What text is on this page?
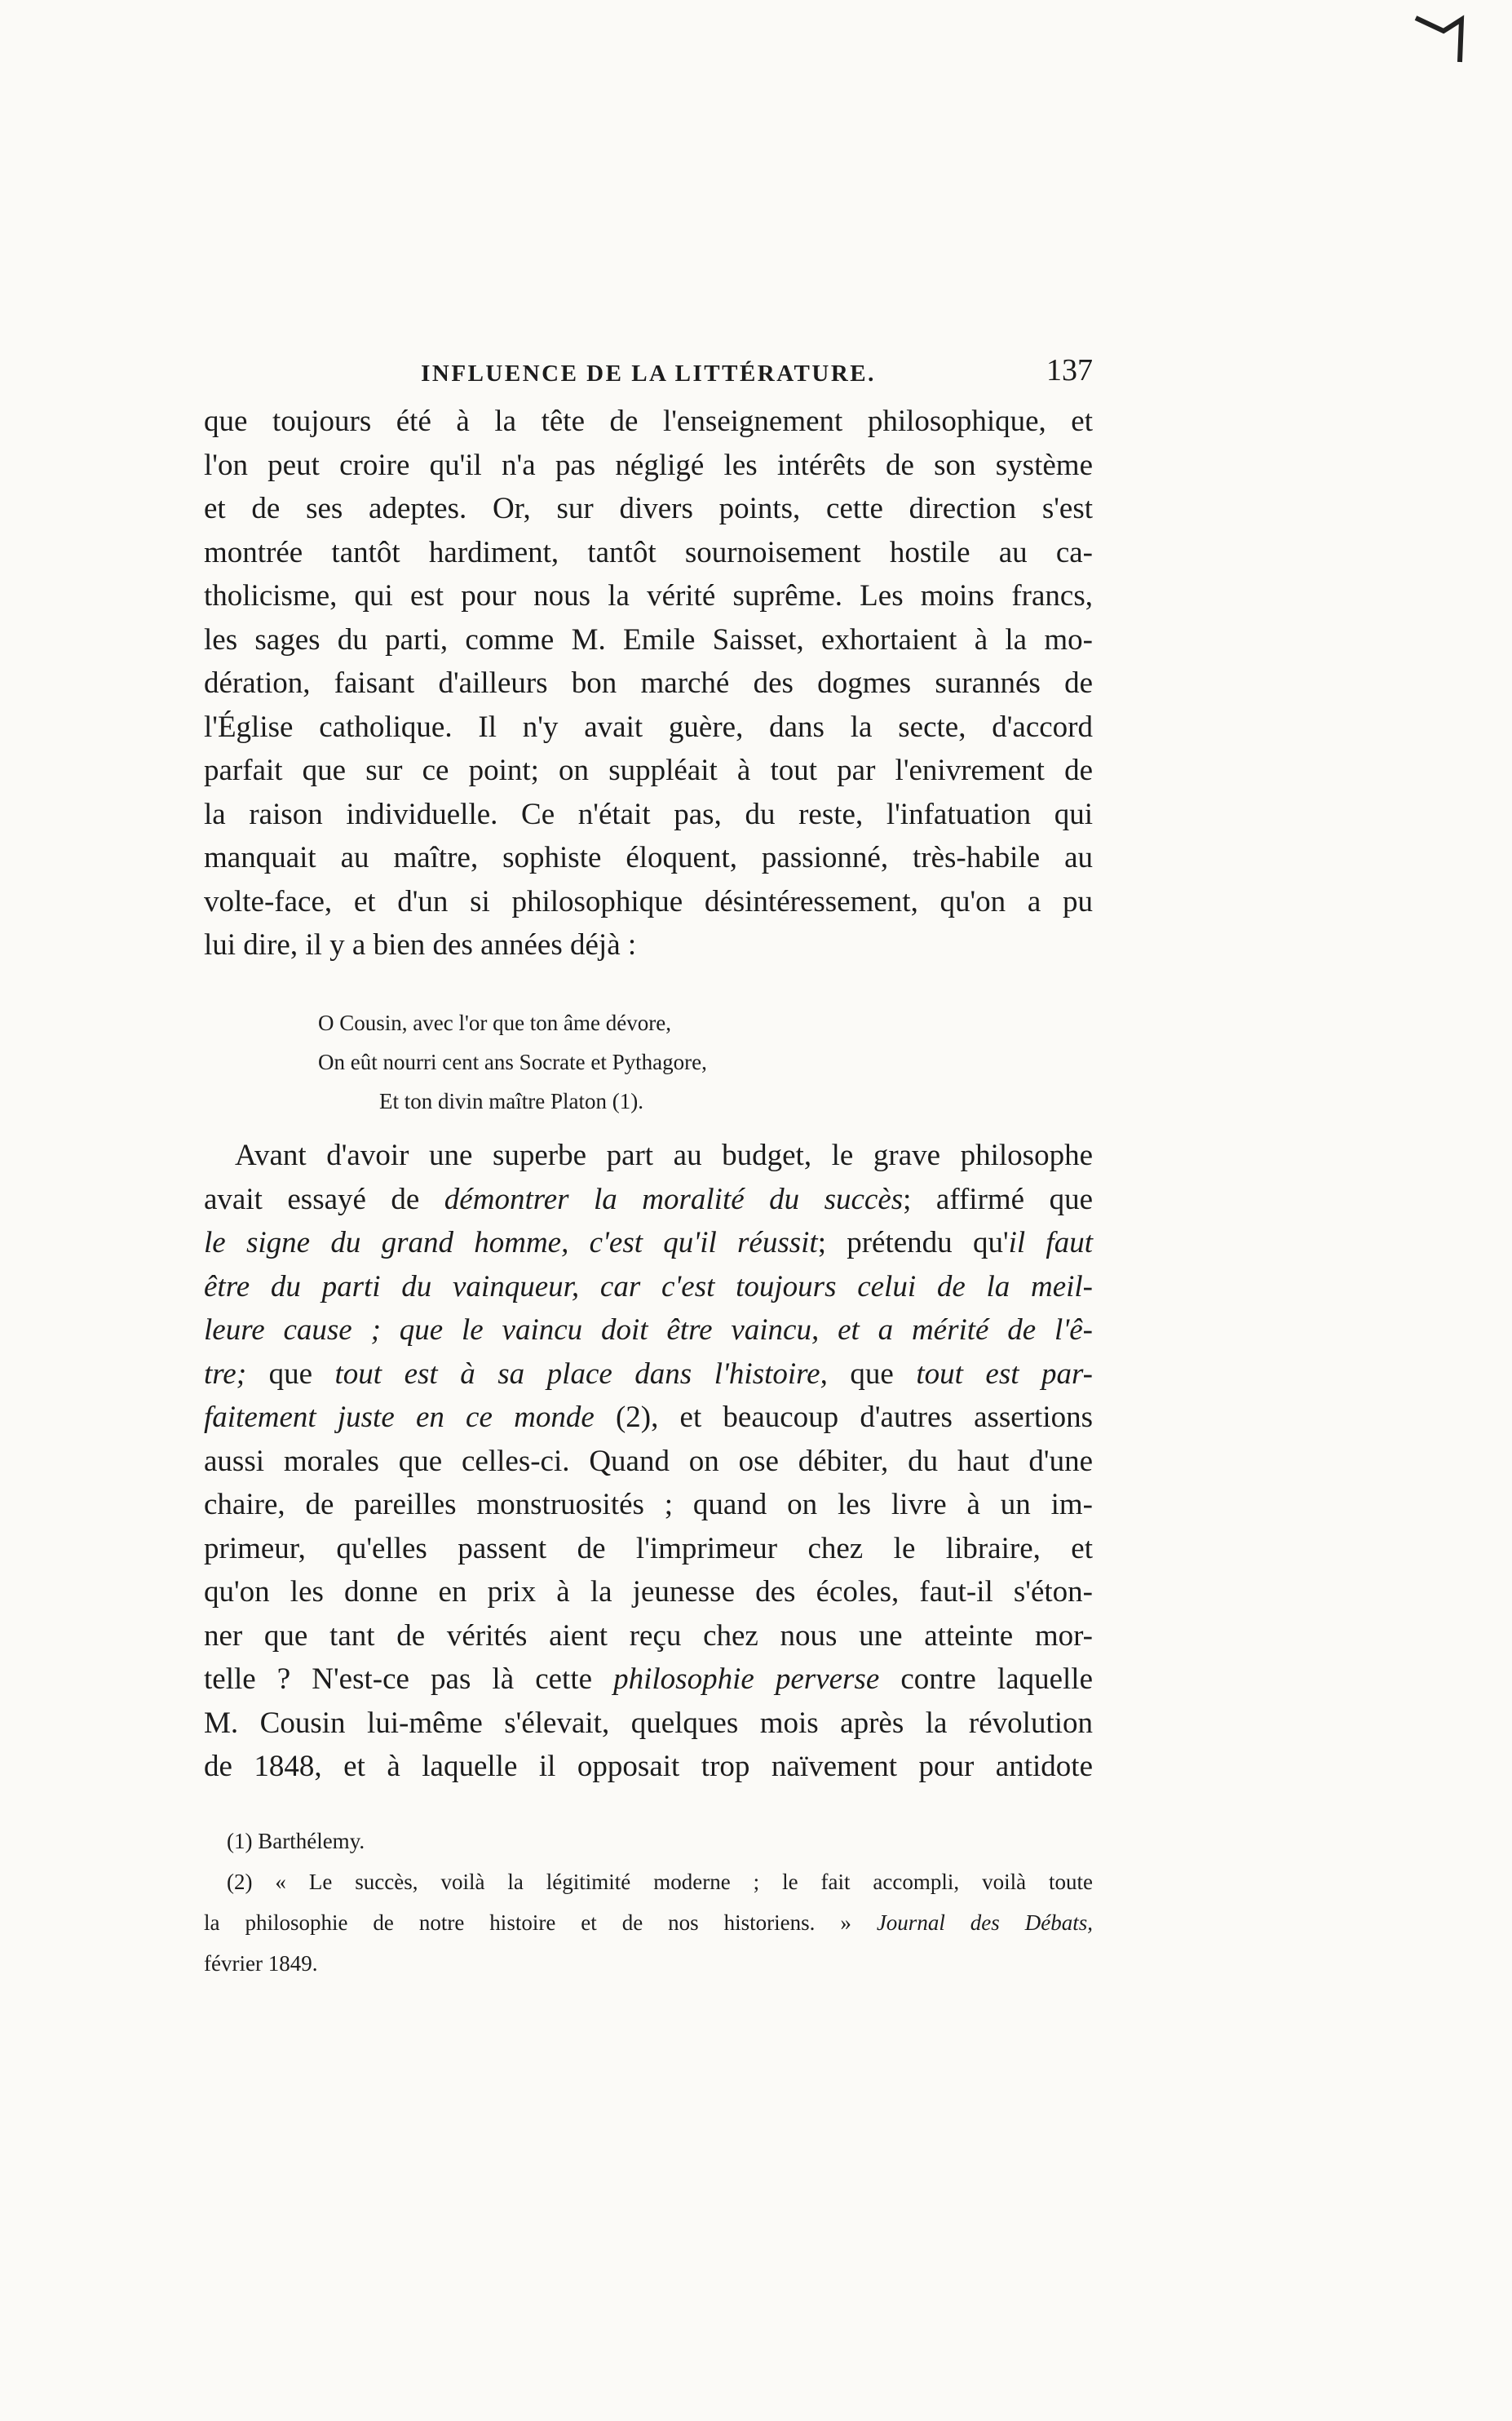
INFLUENCE DE LA LITTÉRATURE.	137
que toujours été à la tête de l'enseignement philosophique, et
l'on peut croire qu'il n'a pas négligé les intérêts de son système
et de ses adeptes. Or, sur divers points, cette direction s'est
montrée tantôt hardiment, tantôt sournoisement hostile au ca-
tholicisme, qui est pour nous la vérité suprême. Les moins francs,
les sages du parti, comme M. Emile Saisset, exhortaient à la mo-
dération, faisant d'ailleurs bon marché des dogmes surannés de
l'Église catholique. Il n'y avait guère, dans la secte, d'accord
parfait que sur ce point; on suppléait à tout par l'enivrement de
la raison individuelle. Ce n'était pas, du reste, l'infatuation qui
manquait au maître, sophiste éloquent, passionné, très-habile au
volte-face, et d'un si philosophique désintéressement, qu'on a pu
lui dire, il y a bien des années déjà :
O Cousin, avec l'or que ton âme dévore,
On eût nourri cent ans Socrate et Pythagore,
Et ton divin maître Platon (1).
Avant d'avoir une superbe part au budget, le grave philosophe
avait essayé de démontrer la moralité du succès; affirmé que
le signe du grand homme, c'est qu'il réussit; prétendu qu'il faut
être du parti du vainqueur, car c'est toujours celui de la meil-
leure cause ; que le vaincu doit être vaincu, et a mérité de l'ê-
tre; que tout est à sa place dans l'histoire, que tout est par-
faitement juste en ce monde (2), et beaucoup d'autres assertions
aussi morales que celles-ci. Quand on ose débiter, du haut d'une
chaire, de pareilles monstruosités ; quand on les livre à un im-
primeur, qu'elles passent de l'imprimeur chez le libraire, et
qu'on les donne en prix à la jeunesse des écoles, faut-il s'éton-
ner que tant de vérités aient reçu chez nous une atteinte mor-
telle ? N'est-ce pas là cette philosophie perverse contre laquelle
M. Cousin lui-même s'élevait, quelques mois après la révolution
de 1848, et à laquelle il opposait trop naïvement pour antidote
(1) Barthélemy.
(2) « Le succès, voilà la légitimité moderne ; le fait accompli, voilà toute
la philosophie de notre histoire et de nos historiens. » Journal des Débats,
février 1849.
